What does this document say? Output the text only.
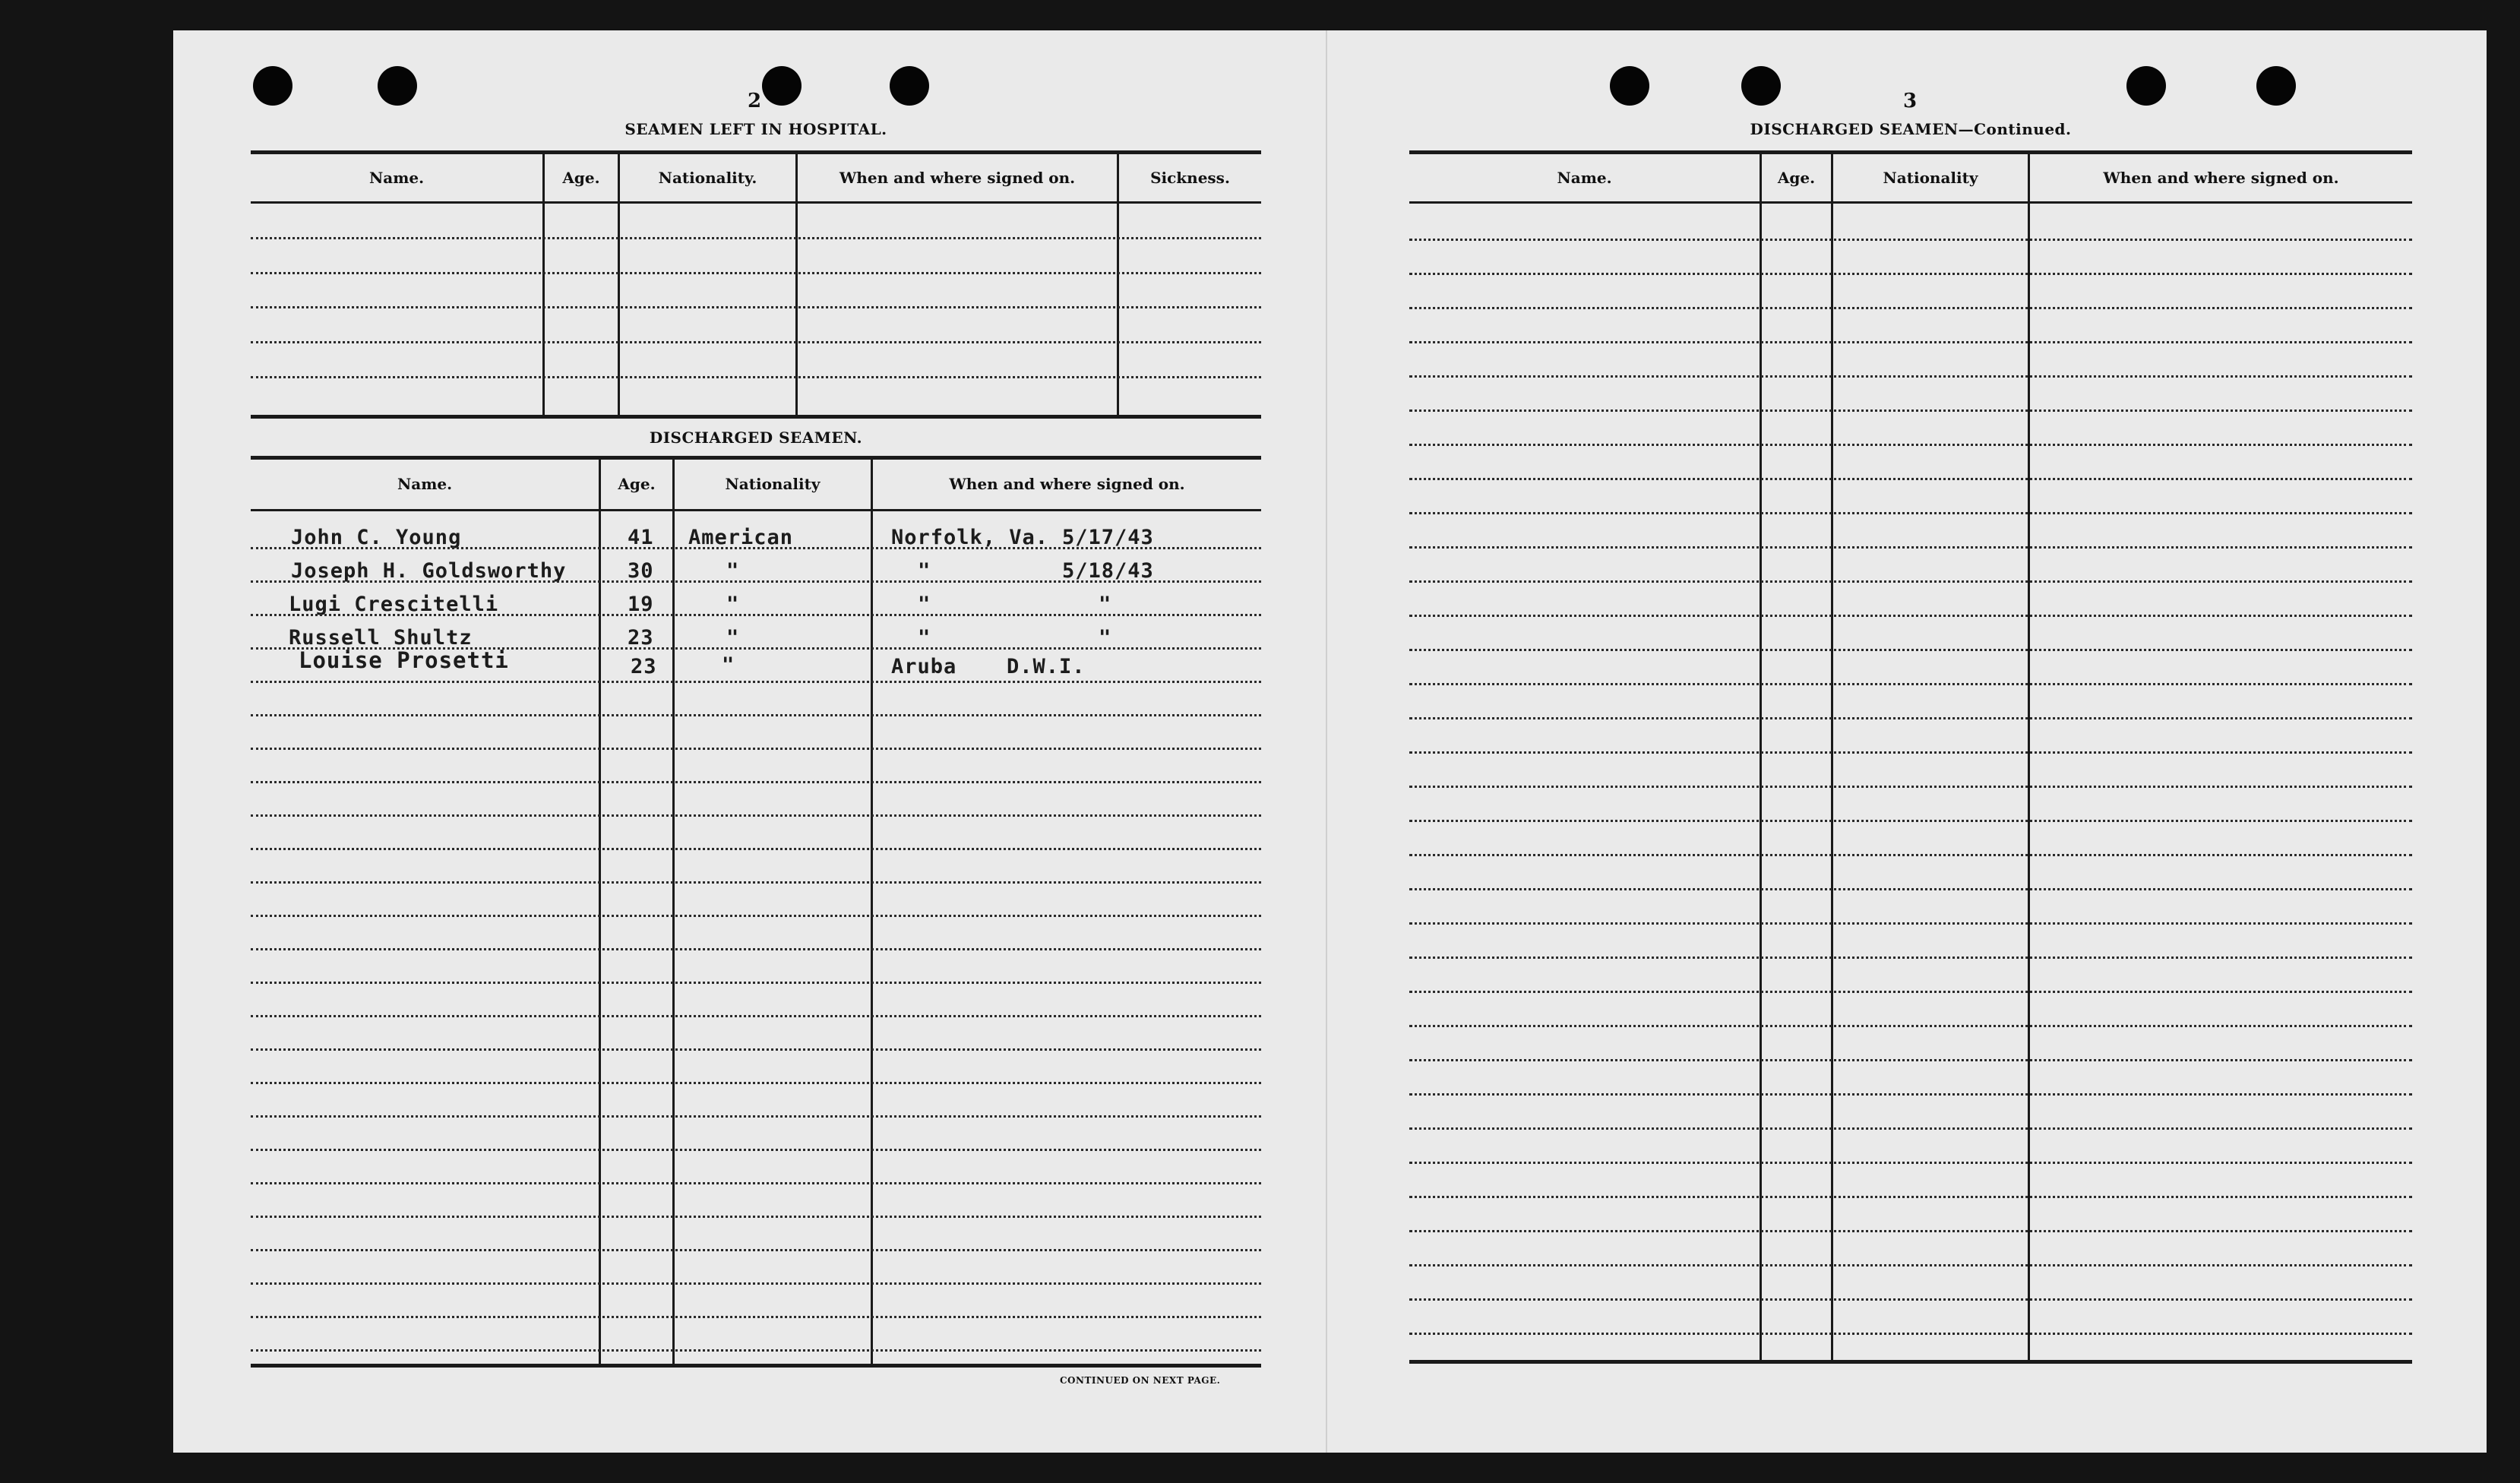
2
SEAMEN LEFT IN HOSPITAL.
Name.	Age.	Nationality.	When and where signed on.	Sickness.
DISCHARGED SEAMEN.
Name.	Age.	Nationality	When and where signed on.
John C. Young	41 American	Norfolk, Va. 5/17/43
Joseph H. Goldsworthy	30	"	"	5/18/43
Lugi Crescitelli	19	"	"	"
Russell Shultz	23	"	"	"
Louise Prosetti	23	"	Aruba D.W.I.
CONTINUED ON NEXT PAGE.
3
DISCHARGED SEAMEN—Continued.
Name.	Age.	Nationality	When and where signed on.
